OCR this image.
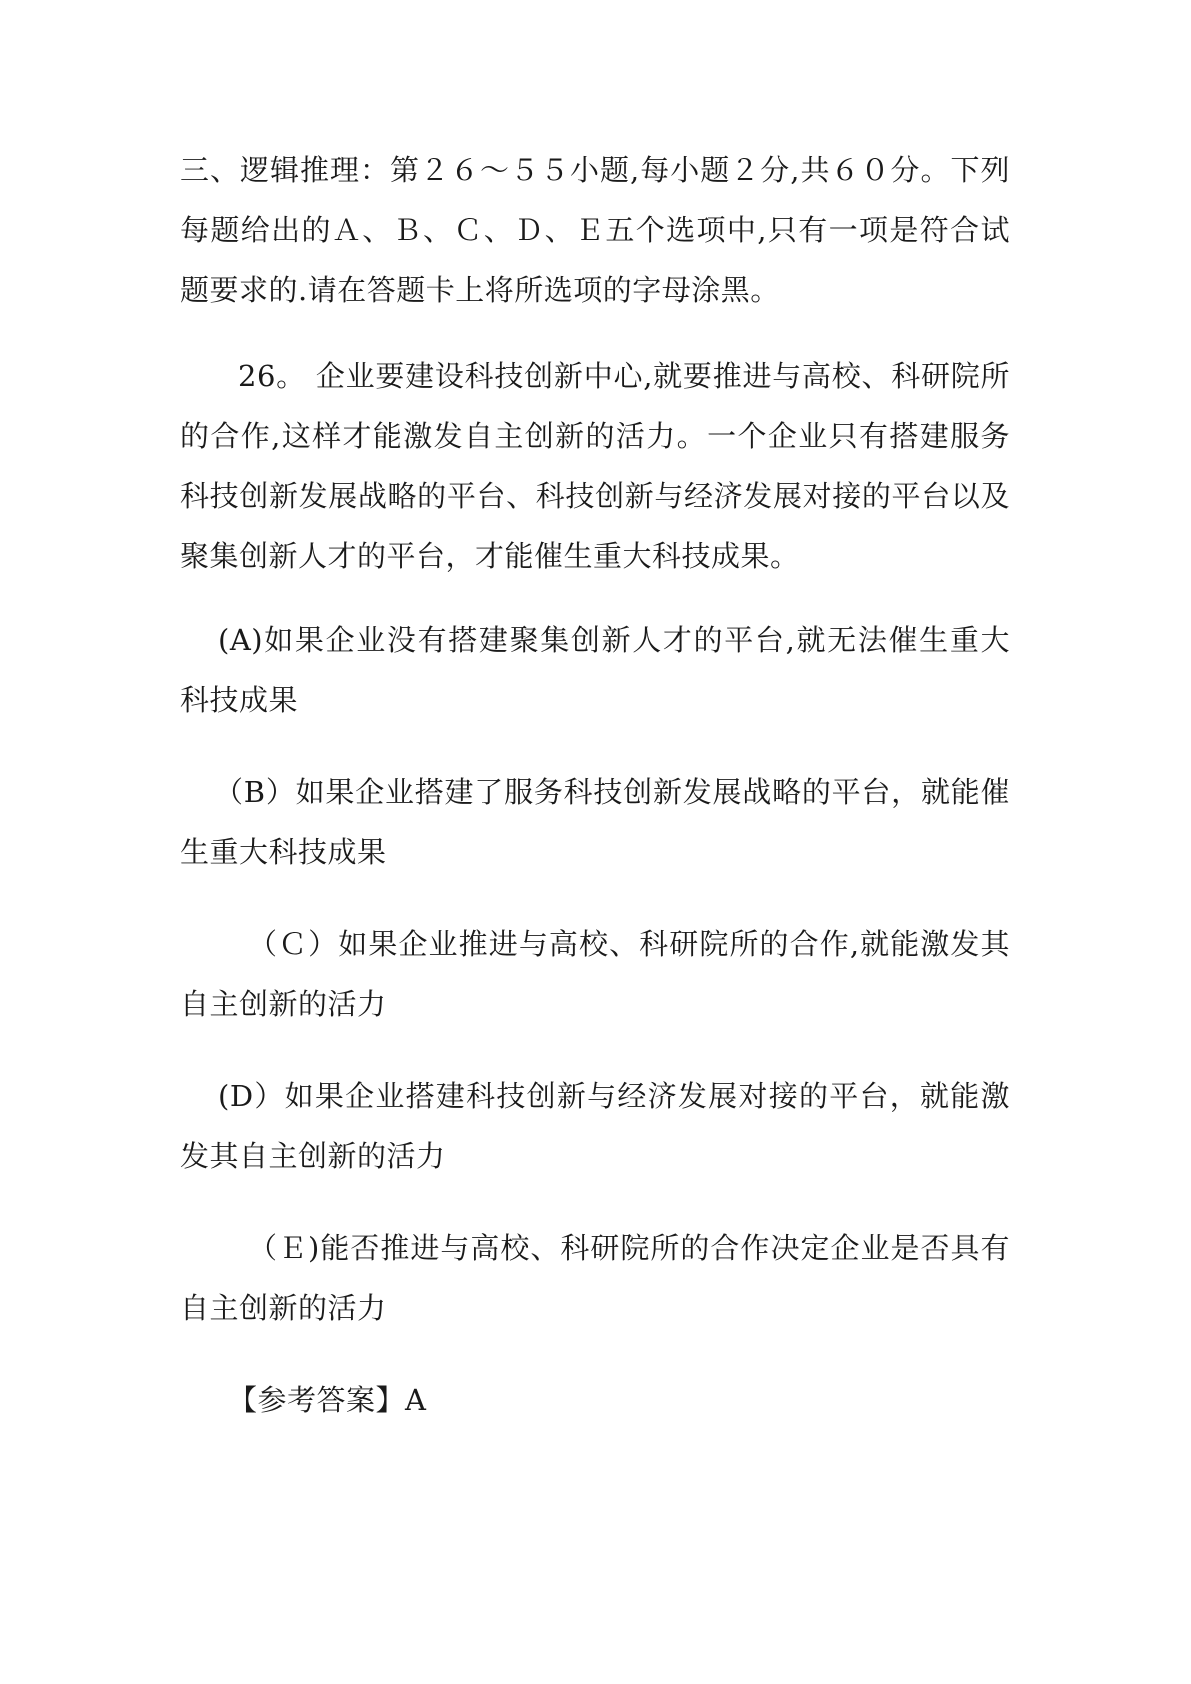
三、逻辑推理：第２６～５５小题,每小题２分,共６０分。下列每题给出的Ａ、Ｂ、Ｃ、Ｄ、Ｅ五个选项中,只有一项是符合试题要求的.请在答题卡上将所选项的字母涂黑。

26。 企业要建设科技创新中心,就要推进与高校、科研院所的合作,这样才能激发自主创新的活力。一个企业只有搭建服务科技创新发展战略的平台、科技创新与经济发展对接的平台以及聚集创新人才的平台，才能催生重大科技成果。

(A)如果企业没有搭建聚集创新人才的平台,就无法催生重大科技成果

（B）如果企业搭建了服务科技创新发展战略的平台，就能催生重大科技成果

（Ｃ）如果企业推进与高校、科研院所的合作,就能激发其自主创新的活力

(D）如果企业搭建科技创新与经济发展对接的平台，就能激发其自主创新的活力

（Ｅ)能否推进与高校、科研院所的合作决定企业是否具有自主创新的活力

【参考答案】A
